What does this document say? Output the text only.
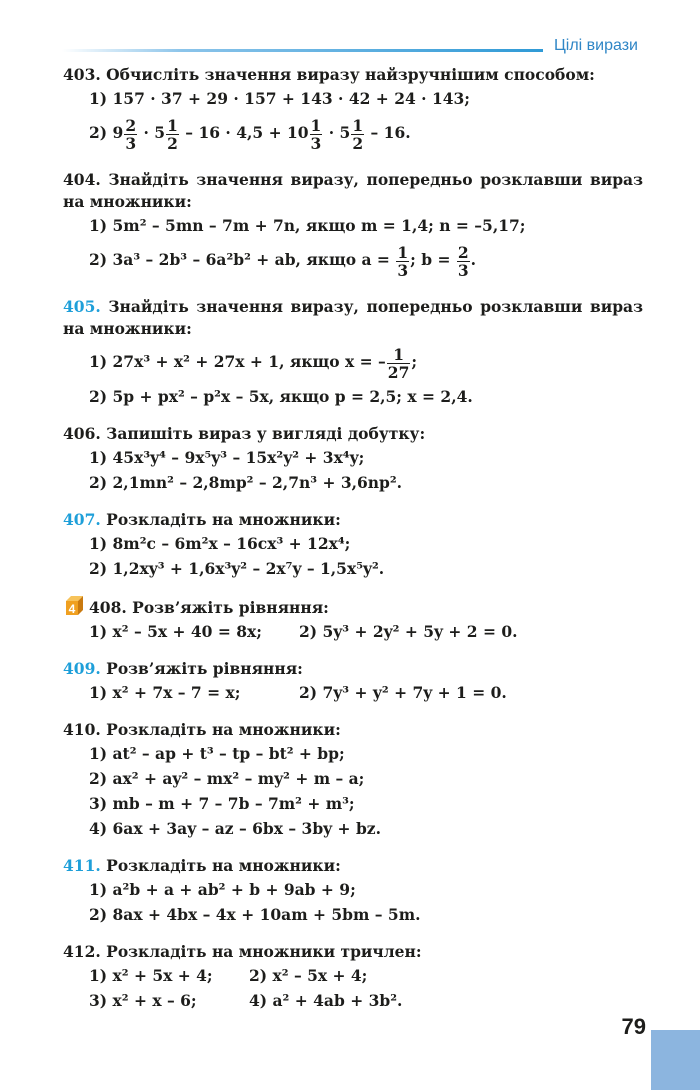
Цілі вирази
403. Обчисліть значення виразу найзручнішим способом:
1) 157 · 37 + 29 · 157 + 143 · 42 + 24 · 143;
2) $9 \frac{2}{3} \cdot 5 \frac{1}{2} - 16 \cdot 4,5 + 10 \frac{1}{3} \cdot 5 \frac{1}{2} - 16$.
404. Знайдіть значення виразу, попередньо розклавши вираз на множники:
1) 5m² – 5mn – 7m + 7n, якщо m = 1,4; n = –5,17;
2) 3a³ – 2b³ – 6a²b² + ab, якщо $a = \frac{1}{3}$ ; $b = \frac{2}{3}$ .
405. Знайдіть значення виразу, попередньо розклавши вираз на множники:
1) 27x³ + x² + 27x + 1, якщо x = – $\frac{1}{27}$ ;
2) 5p + px² – p²x – 5x, якщо p = 2,5; x = 2,4.
406. Запишіть вираз у вигляді добутку:
1) 45x³y⁴ – 9x⁵y³ – 15x²y² + 3x⁴y;
2) 2,1mn² – 2,8mp² – 2,7n³ + 3,6np².
407. Розкладіть на множники:
1) 8m²c – 6m²x – 16cx³ + 12x⁴;
2) 1,2xy³ + 1,6x³y² – 2x⁷y – 1,5x⁵y².
4 408. Розв’яжіть рівняння:
1) x² – 5x + 40 = 8x;	2) 5y³ + 2y² + 5y + 2 = 0.
409. Розв’яжіть рівняння:
1) x² + 7x – 7 = x;	2) 7y³ + y² + 7y + 1 = 0.
410. Розкладіть на множники:
1) at² – ap + t³ – tp – bt² + bp;
2) ax² + ay² – mx² – my² + m – a;
3) mb – m + 7 – 7b – 7m² + m³;
4) 6ax + 3ay – az – 6bx – 3by + bz.
411. Розкладіть на множники:
1) a²b + a + ab² + b + 9ab + 9;
2) 8ax + 4bx – 4x + 10am + 5bm – 5m.
412. Розкладіть на множники тричлен:
1) x² + 5x + 4;	2) x² – 5x + 4;
3) x² + x – 6;	4) a² + 4ab + 3b².
79
